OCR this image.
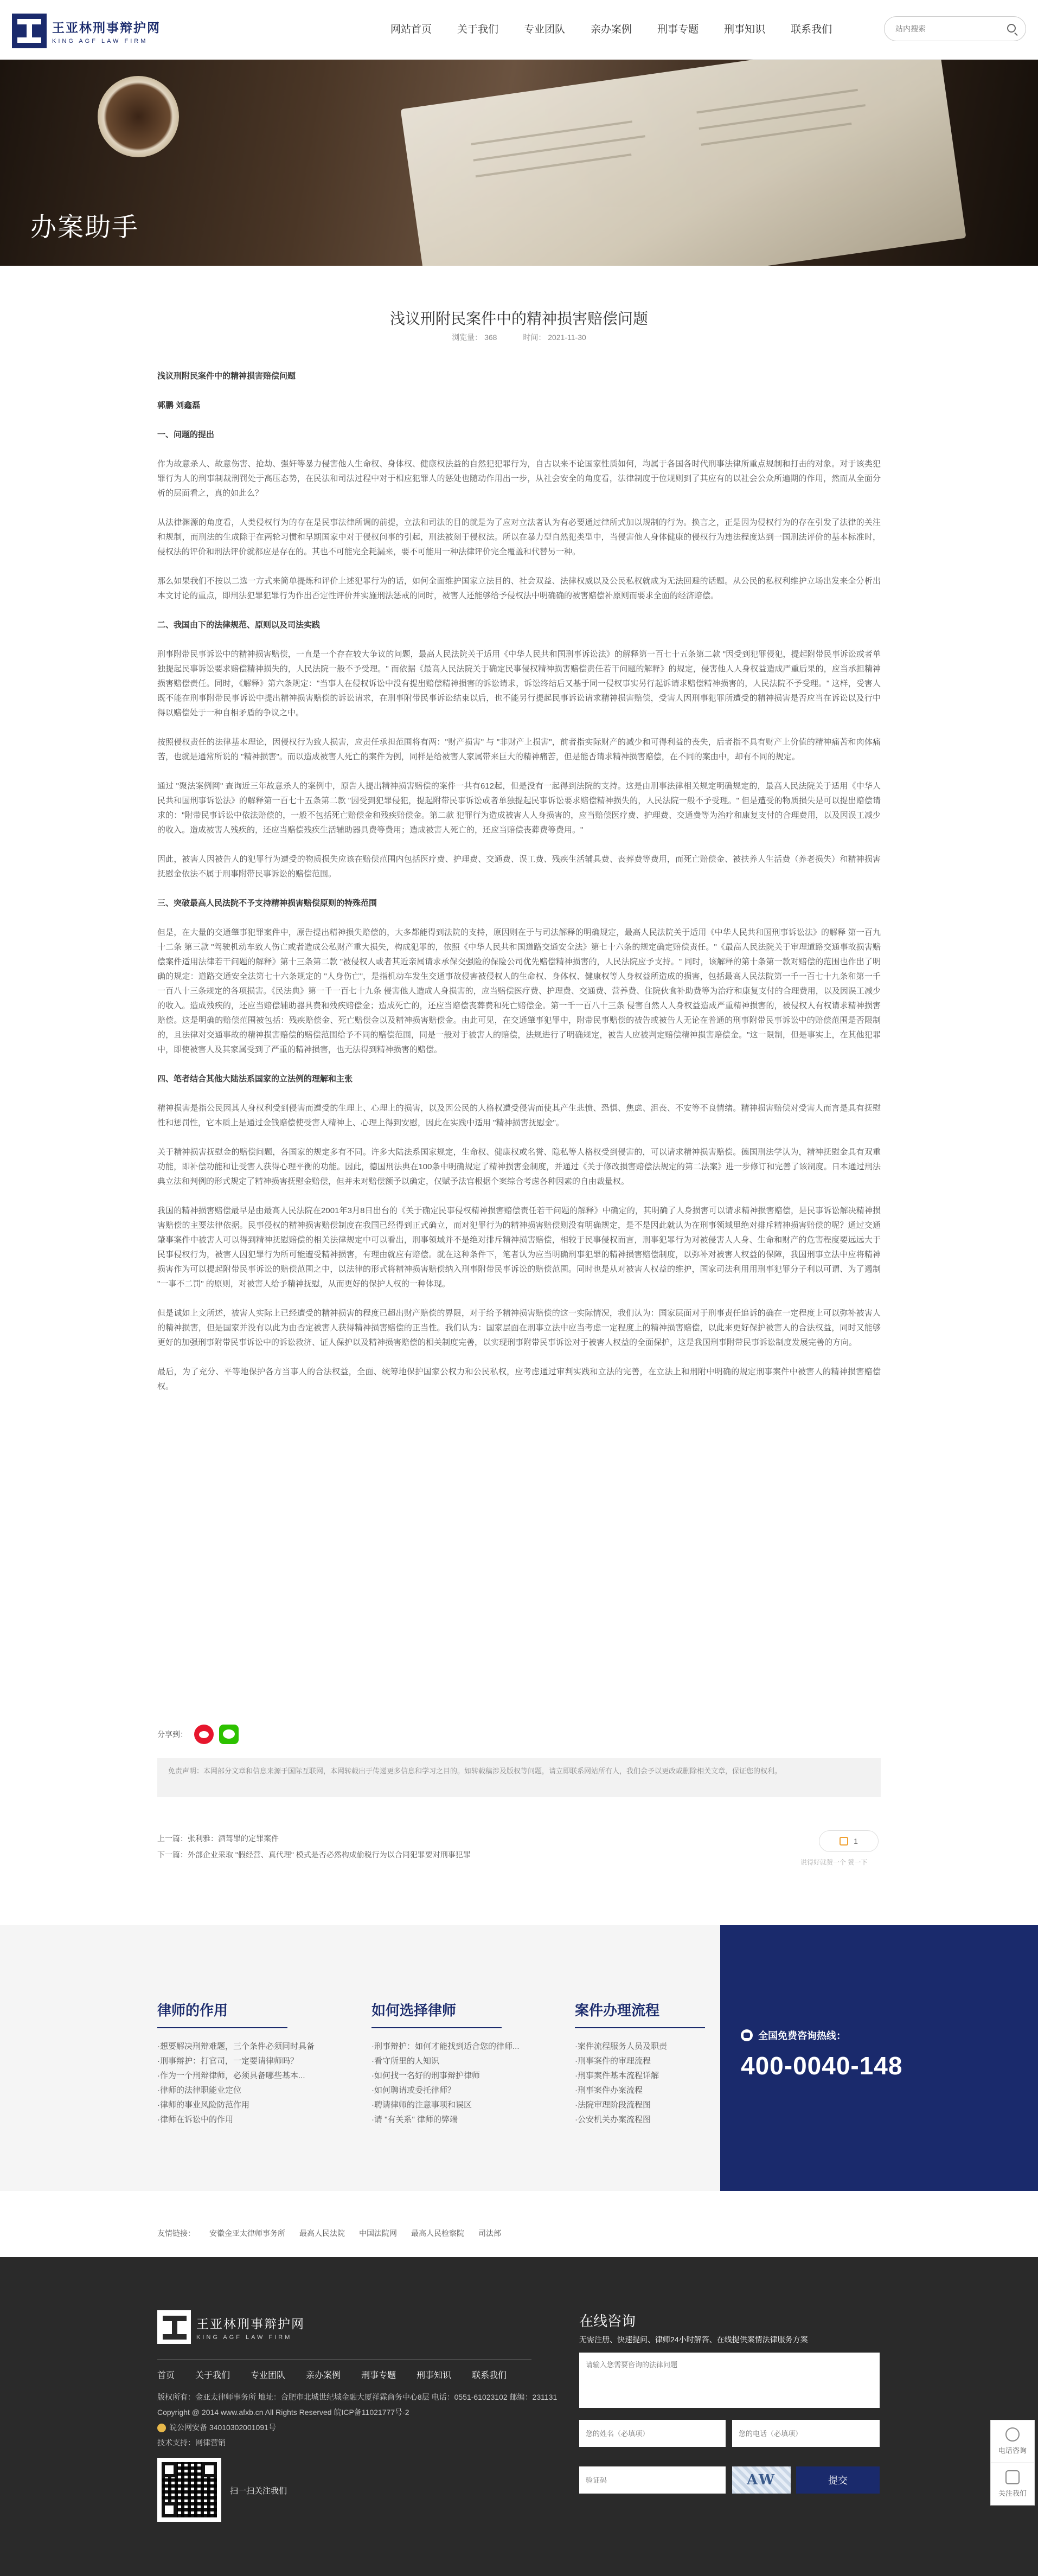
王亚林刑事辩护网
KING AGF LAW FIRM
网站首页 关于我们 专业团队 亲办案例 刑事专题 刑事知识 联系我们
站内搜索
办案助手
浅议刑附民案件中的精神损害赔偿问题
浏览量： 368	时间： 2021-11-30

浅议刑附民案件中的精神损害赔偿问题

郭鹏 刘鑫磊

一、问题的提出

作为故意杀人、故意伤害、抢劫、强奸等暴力侵害他人生命权、身体权、健康权法益的自然犯犯罪行为，自古以来不论国家性质如何，均属于各国各时代刑事法律所重点规制和打击的对象。对于该类犯罪行为人的刑事制裁刑罚处于高压态势，在民法和司法过程中对于相应犯罪人的惩处也随动作用出一步，从社会安全的角度看，法律制度于位规则到了其应有的以社会公众所遍期的作用，然而从全面分析的层面看之，真的如此么？

从法律渊源的角度看，人类侵权行为的存在是民事法律所调的前提，立法和司法的目的就是为了应对立法者认为有必要通过律所式加以规制的行为。换言之，正是因为侵权行为的存在引发了法律的关注和规制，而刑法的生成除于在两轮习惯和早期国家中对于侵权问事的引起，刑法被刻于侵权法。所以在暴力型自然犯类型中，当侵害他人身体健康的侵权行为违法程度达到一国刑法评价的基本标准时，侵权法的评价和刑法评价就都应是存在的。其也不可能完全耗漏来，要不可能用一种法律评价完全覆盖和代替另一种。

那么如果我们不按以二选一方式来简单提炼和评价上述犯罪行为的话，如何全面维护国家立法目的、社会双益、法律权威以及公民私权就成为无法回避的话题。从公民的私权利维护立场出发来全分析出本文讨论的重点，即刑法犯罪犯罪行为作出否定性评价并实施刑法惩戒的同时，被害人还能够给予侵权法中明确确的被害赔偿补原则而要求全面的经济赔偿。

二、我国由下的法律规范、原则以及司法实践

刑事附带民事诉讼中的精神损害赔偿，一直是一个存在较大争议的问题，最高人民法院关于适用《中华人民共和国刑事诉讼法》的解释第一百七十五条第二款 "因受到犯罪侵犯，提起附带民事诉讼或者单独提起民事诉讼要求赔偿精神损失的，人民法院一般不予受理。" 而依据《最高人民法院关于确定民事侵权精神损害赔偿责任若干问题的解释》的规定，侵害他人人身权益造成严重后果的，应当承担精神损害赔偿责任。同时，《解释》第六条规定："当事人在侵权诉讼中没有提出赔偿精神损害的诉讼请求，诉讼终结后又基于同一侵权事实另行起诉请求赔偿精神损害的，人民法院不予受理。" 这样，受害人既不能在刑事附带民事诉讼中提出精神损害赔偿的诉讼请求，在刑事附带民事诉讼结束以后，也不能另行提起民事诉讼请求精神损害赔偿，受害人因刑事犯罪所遭受的精神损害是否应当在诉讼以及行中得以赔偿处于一种自相矛盾的争议之中。

按照侵权责任的法律基本理论，因侵权行为致人损害，应责任承担范围将有两："财产损害" 与 "非财产上损害"，前者指实际财产的减少和可得利益的丧失，后者指不具有财产上价值的精神痛苦和肉体痛苦，也就是通常所说的 "精神损害"。而以造成被害人死亡的案件为例，同样是给被害人家属带来巨大的精神痛苦，但是能否请求精神损害赔偿，在不同的案由中，却有不同的规定。

通过 "聚法案例网" 查询近三年故意杀人的案例中，原告人提出精神损害赔偿的案件一共有612起，但是没有一起得到法院的支持。这是由刑事法律相关规定明确规定的，最高人民法院关于适用《中华人民共和国刑事诉讼法》的解释第一百七十五条第二款 "因受到犯罪侵犯，提起附带民事诉讼或者单独提起民事诉讼要求赔偿精神损失的，人民法院一般不予受理。" 但是遭受的物质损失是可以提出赔偿请求的："附带民事诉讼中依法赔偿的，一般不包括死亡赔偿金和残疾赔偿金。第二款 犯罪行为造成被害人人身损害的，应当赔偿医疗费、护理费、交通费等为治疗和康复支付的合理费用，以及因误工减少的收入。造成被害人残疾的，还应当赔偿残疾生活辅助器具费等费用；造成被害人死亡的，还应当赔偿丧葬费等费用。"

因此，被害人因被告人的犯罪行为遭受的物质损失应该在赔偿范围内包括医疗费、护理费、交通费、误工费、残疾生活辅具费、丧葬费等费用，而死亡赔偿金、被扶养人生活费（养老损失）和精神损害抚慰金依法不属于刑事附带民事诉讼的赔偿范围。

三、突破最高人民法院不予支持精神损害赔偿原则的特殊范围

但是，在大量的交通肇事犯罪案件中，原告提出精神损失赔偿的，大多都能得到法院的支持，原因则在于与司法解释的明确规定，最高人民法院关于适用《中华人民共和国刑事诉讼法》的解释 第一百九十二条 第三款 "驾驶机动车致人伤亡或者造成公私财产重大损失，构成犯罪的，依照《中华人民共和国道路交通安全法》第七十六条的规定确定赔偿责任。"《最高人民法院关于审理道路交通事故损害赔偿案件适用法律若干问题的解释》第十三条第二款 "被侵权人或者其近亲属请求承保交强险的保险公司优先赔偿精神损害的，人民法院应予支持。" 同时，该解释的第十条第一款对赔偿的范围也作出了明确的规定：道路交通安全法第七十六条规定的 "人身伤亡"，是指机动车发生交通事故侵害被侵权人的生命权、身体权、健康权等人身权益所造成的损害，包括最高人民法院第一千一百七十九条和第一千一百八十三条规定的各项损害。《民法典》第一千一百七十九条 侵害他人造成人身损害的，应当赔偿医疗费、护理费、交通费、营养费、住院伙食补助费等为治疗和康复支付的合理费用，以及因误工减少的收入。造成残疾的，还应当赔偿辅助器具费和残疾赔偿金；造成死亡的，还应当赔偿丧葬费和死亡赔偿金。第一千一百八十三条 侵害自然人人身权益造成严重精神损害的，被侵权人有权请求精神损害赔偿。这是明确的赔偿范围被包括：残疾赔偿金、死亡赔偿金以及精神损害赔偿金。由此可见，在交通肇事犯罪中，附带民事赔偿的被告或被告人无论在普通的刑事附带民事诉讼中的赔偿范围是否限制的，且法律对交通事故的精神损害赔偿的赔偿范围给予不同的赔偿范围，同是一般对于被害人的赔偿，法规进行了明确规定，被告人应被判定赔偿精神损害赔偿金。"这一限制，但是事实上，在其他犯罪中，即使被害人及其家属受到了严重的精神损害，也无法得到精神损害的赔偿。

四、笔者结合其他大陆法系国家的立法例的理解和主张

精神损害是指公民因其人身权利受到侵害而遭受的生理上、心理上的损害，以及因公民的人格权遭受侵害而使其产生悲愤、恐惧、焦虑、沮丧、不安等不良情绪。精神损害赔偿对受害人而言是具有抚慰性和惩罚性，它本质上是通过金钱赔偿使受害人精神上、心理上得到安慰，因此在实践中适用 "精神损害抚慰金"。

关于精神损害抚慰金的赔偿问题，各国家的规定多有不同。许多大陆法系国家规定，生命权、健康权或名誉、隐私等人格权受到侵害的，可以请求精神损害赔偿。德国刑法学认为，精神抚慰金具有双重功能，即补偿功能和让受害人获得心理平衡的功能。因此，德国刑法典在100条中明确规定了精神损害金制度，并通过《关于修改损害赔偿法规定的第二法案》进一步修订和完善了该制度。日本通过刑法典立法和判例的形式规定了精神损害抚慰金赔偿，但并未对赔偿额予以确定，仅赋予法官根据个案综合考虑各种因素的自由裁量权。

我国的精神损害赔偿最早是由最高人民法院在2001年3月8日出台的《关于确定民事侵权精神损害赔偿责任若干问题的解释》中确定的，其明确了人身损害可以请求精神损害赔偿，是民事诉讼解决精神损害赔偿的主要法律依据。民事侵权的精神损害赔偿制度在我国已经得到正式确立，而对犯罪行为的精神损害赔偿则没有明确规定，是不是因此就认为在刑事领域里绝对排斥精神损害赔偿的呢？通过交通肇事案件中被害人可以得到精神抚慰赔偿的相关法律规定中可以看出，刑事领域并不是绝对排斥精神损害赔偿，相较于民事侵权而言，刑事犯罪行为对被侵害人人身、生命和财产的危害程度要远远大于民事侵权行为，被害人因犯罪行为所可能遭受精神损害，有理由就应有赔偿。就在这种条件下，笔者认为应当明确刑事犯罪的精神损害赔偿制度，以弥补对被害人权益的保障，我国刑事立法中应将精神损害作为可以提起附带民事诉讼的赔偿范围之中，以法律的形式将精神损害赔偿纳入刑事附带民事诉讼的赔偿范围。同时也是从对被害人权益的维护，国家司法利用用刑事犯罪分子利以可谓、为了遏制 "一事不二罚" 的原则，对被害人给予精神抚慰，从而更好的保护人权的一种体现。

但是诚如上文所述，被害人实际上已经遭受的精神损害的程度已超出财产赔偿的界限，对于给予精神损害赔偿的这一实际情况，我们认为：国家层面对于刑事责任追诉的确在一定程度上可以弥补被害人的精神损害，但是国家并没有以此为由否定被害人获得精神损害赔偿的正当性。我们认为：国家层面在刑事立法中应当考虑一定程度上的精神损害赔偿，以此来更好保护被害人的合法权益，同时又能够更好的加强刑事附带民事诉讼中的诉讼救济、证人保护以及精神损害赔偿的相关制度完善，以实现刑事附带民事诉讼对于被害人权益的全面保护，这是我国刑事附带民事诉讼制度发展完善的方向。

最后，为了充分、平等地保护各方当事人的合法权益，全面、统筹地保护国家公权力和公民私权，应考虑通过审判实践和立法的完善，在立法上和刑附中明确的规定刑事案件中被害人的精神损害赔偿权。

分享到：
免责声明：本网部分文章和信息来源于国际互联网，本网转载出于传递更多信息和学习之目的。如转载稿涉及版权等问题，请立即联系网站所有人，我们会予以更改或删除相关文章，保证您的权利。
上一篇：张利雅：酒驾罪的定罪案件
下一篇：外部企业采取 "假经营、真代理" 模式是否必然构成偷税行为以合同犯罪要对刑事犯罪
1
说得好就赞一个 赞一下
律师的作用
·想要解决刑辩难题，三个条件必须同时具备
·刑事辩护：打官司，一定要请律师吗？
·作为一个刑辩律师，必须具备哪些基本...
·律师的法律职能业定位
·律师的事业风险防范作用
·律师在诉讼中的作用
如何选择律师
·刑事辩护：如何才能找到适合您的律师...
·看守所里的人知识
·如何找一名好的刑事辩护律师
·如何聘请或委托律师？
·聘请律师的注意事项和误区
·请 "有关系" 律师的弊端
案件办理流程
·案件流程服务人员及职责
·刑事案件的审理流程
·刑事案件基本流程详解
·刑事案件办案流程
·法院审理阶段流程图
·公安机关办案流程图
全国免费咨询热线：
400-0040-148
友情链接： 安徽金亚太律师事务所 最高人民法院 中国法院网 最高人民检察院 司法部
王亚林刑事辩护网
KING AGF LAW FIRM
首页 关于我们 专业团队 亲办案例 刑事专题 刑事知识 联系我们
版权所有：金亚太律师事务所 地址：合肥市北城世纪城金融大厦祥霖商务中心8层 电话：0551-61023102 邮编：231131
Copyright @ 2014 www.afxb.cn All Rights Reserved 皖ICP备11021777号-2
皖公网安备 34010302001091号
技术支持：网律营销
扫一扫关注我们
在线咨询
无需注册、快速提问、律师24小时解答、在线提供案情法律服务方案
请输入您需要咨询的法律问题
您的姓名（必填项）
您的电话（必填项）
验证码
AW	提交
电话咨询
关注我们
